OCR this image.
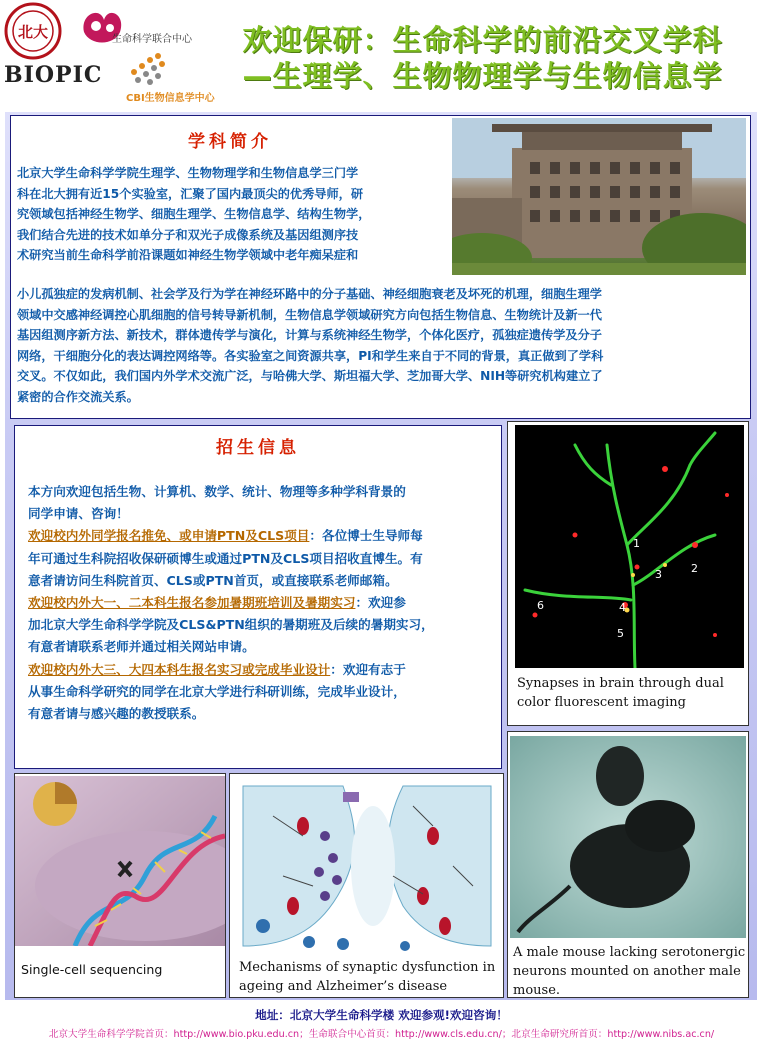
北大	生命科学联合中心
BIOPIC
CBI生物信息学中心
欢迎保研：生命科学的前沿交叉学科
—生理学、生物物理学与生物信息学
学科简介
北京大学生命科学学院生理学、生物物理学和生物信息学三门学
科在北大拥有近15个实验室，汇聚了国内最顶尖的优秀导师，研
究领域包括神经生物学、细胞生理学、生物信息学、结构生物学，
我们结合先进的技术如单分子和双光子成像系统及基因组测序技
术研究当前生命科学前沿课题如神经生物学领域中老年痴呆症和
小儿孤独症的发病机制、社会学及行为学在神经环路中的分子基础、神经细胞衰老及坏死的机理，细胞生理学
领域中交感神经调控心肌细胞的信号转导新机制，生物信息学领域研究方向包括生物信息、生物统计及新一代
基因组测序新方法、新技术，群体遗传学与演化，计算与系统神经生物学，个体化医疗，孤独症遗传学及分子
网络，干细胞分化的表达调控网络等。各实验室之间资源共享，PI和学生来自于不同的背景，真正做到了学科
交叉。不仅如此，我们国内外学术交流广泛，与哈佛大学、斯坦福大学、芝加哥大学、NIH等研究机构建立了
紧密的合作交流关系。
招生信息
本方向欢迎包括生物、计算机、数学、统计、物理等多种学科背景的
同学申请、咨询！
欢迎校内外同学报名推免、或申请PTN及CLS项目：各位博士生导师每
年可通过生科院招收保研硕博生或通过PTN及CLS项目招收直博生。有
意者请访问生科院首页、CLS或PTN首页，或直接联系老师邮箱。
欢迎校内外大一、二本科生报名参加暑期班培训及暑期实习：欢迎参
加北京大学生命科学学院及CLS&PTN组织的暑期班及后续的暑期实习，
有意者请联系老师并通过相关网站申请。
欢迎校内外大三、大四本科生报名实习或完成毕业设计：欢迎有志于
从事生命科学研究的同学在北京大学进行科研训练，完成毕业设计，
有意者请与感兴趣的教授联系。
1
2
3
4
5
6
Synapses in brain through dual
color fluorescent imaging
A male mouse lacking serotonergic
neurons mounted on another male
mouse.
Single-cell sequencing	Mechanisms of synaptic dysfunction in
ageing and Alzheimer’s disease
地址：北京大学生命科学楼 欢迎参观!欢迎咨询！
北京大学生命科学学院首页：http://www.bio.pku.edu.cn；生命联合中心首页：http://www.cls.edu.cn/；北京生命研究所首页：http://www.nibs.ac.cn/
